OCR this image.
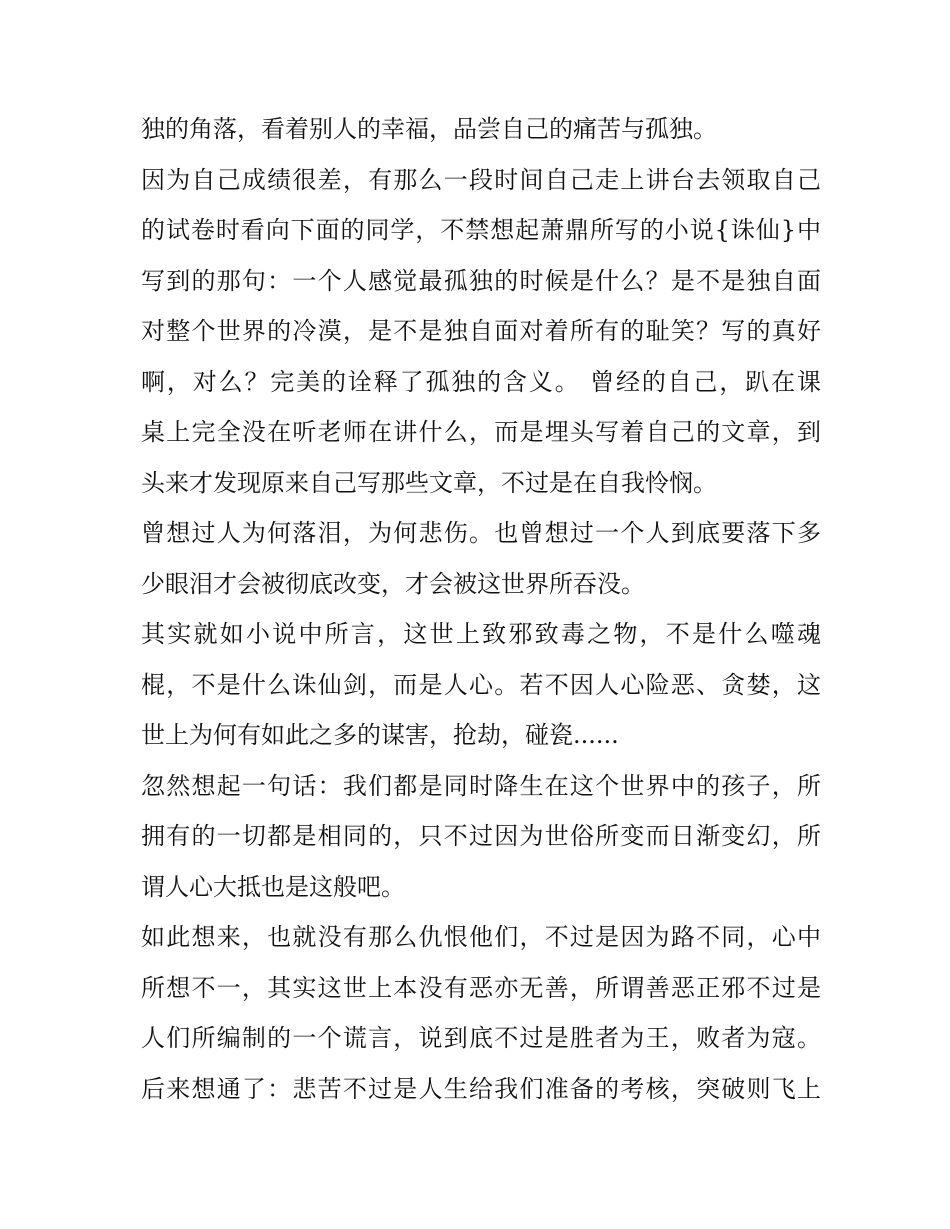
独的角落，看着别人的幸福，品尝自己的痛苦与孤独。
因为自己成绩很差，有那么一段时间自己走上讲台去领取自己
的试卷时看向下面的同学，不禁想起萧鼎所写的小说{诛仙}中
写到的那句：一个人感觉最孤独的时候是什么？是不是独自面
对整个世界的冷漠，是不是独自面对着所有的耻笑？写的真好
啊，对么？完美的诠释了孤独的含义。 曾经的自己，趴在课
桌上完全没在听老师在讲什么，而是埋头写着自己的文章，到
头来才发现原来自己写那些文章，不过是在自我怜悯。
曾想过人为何落泪，为何悲伤。也曾想过一个人到底要落下多
少眼泪才会被彻底改变，才会被这世界所吞没。
其实就如小说中所言，这世上致邪致毒之物，不是什么噬魂
棍，不是什么诛仙剑，而是人心。若不因人心险恶、贪婪，这
世上为何有如此之多的谋害，抢劫，碰瓷......
忽然想起一句话：我们都是同时降生在这个世界中的孩子，所
拥有的一切都是相同的，只不过因为世俗所变而日渐变幻，所
谓人心大抵也是这般吧。
如此想来，也就没有那么仇恨他们，不过是因为路不同，心中
所想不一，其实这世上本没有恶亦无善，所谓善恶正邪不过是
人们所编制的一个谎言，说到底不过是胜者为王，败者为寇。
后来想通了：悲苦不过是人生给我们准备的考核，突破则飞上
